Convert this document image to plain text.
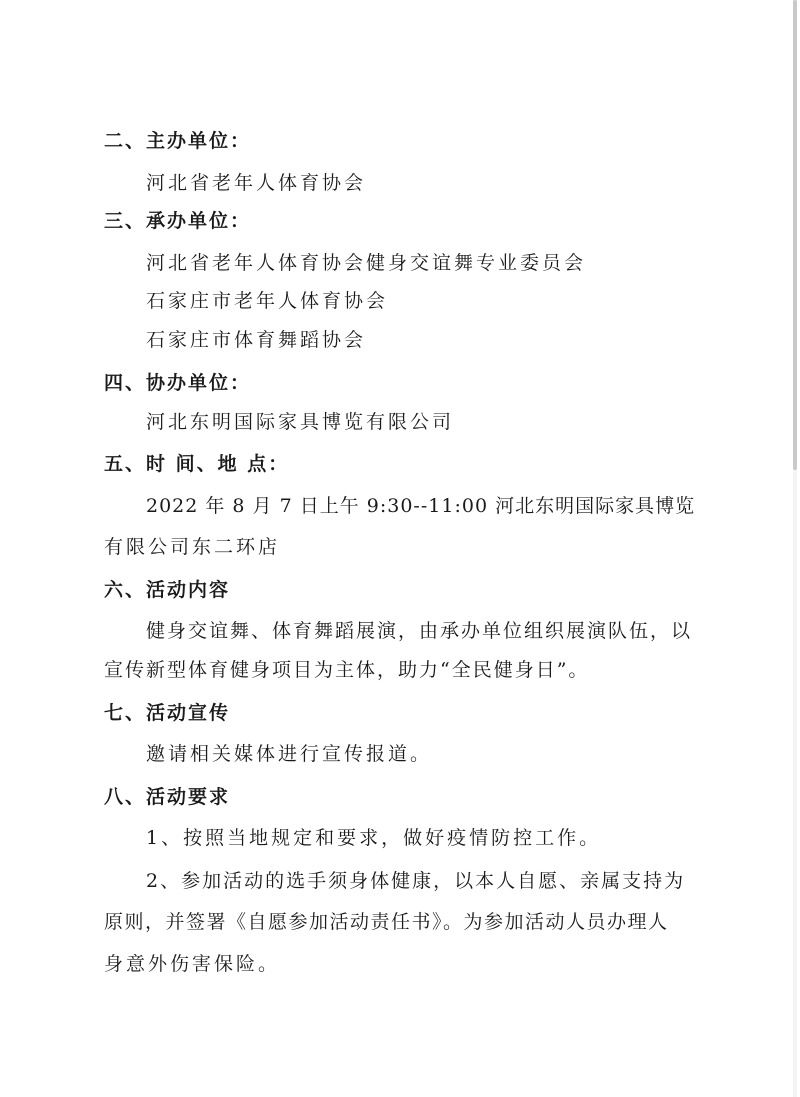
二、主办单位：
河北省老年人体育协会
三、承办单位：
河北省老年人体育协会健身交谊舞专业委员会
石家庄市老年人体育协会
石家庄市体育舞蹈协会
四、协办单位：
河北东明国际家具博览有限公司
五、时 间、地 点：
2022 年 8 月 7 日上午 9:30--11:00 河北东明国际家具博览
有限公司东二环店
六、活动内容
健身交谊舞、体育舞蹈展演，由承办单位组织展演队伍，以
宣传新型体育健身项目为主体，助力“全民健身日”。
七、活动宣传
邀请相关媒体进行宣传报道。
八、活动要求
1、按照当地规定和要求，做好疫情防控工作。
2、参加活动的选手须身体健康，以本人自愿、亲属支持为
原则，并签署《自愿参加活动责任书》。为参加活动人员办理人
身意外伤害保险。
